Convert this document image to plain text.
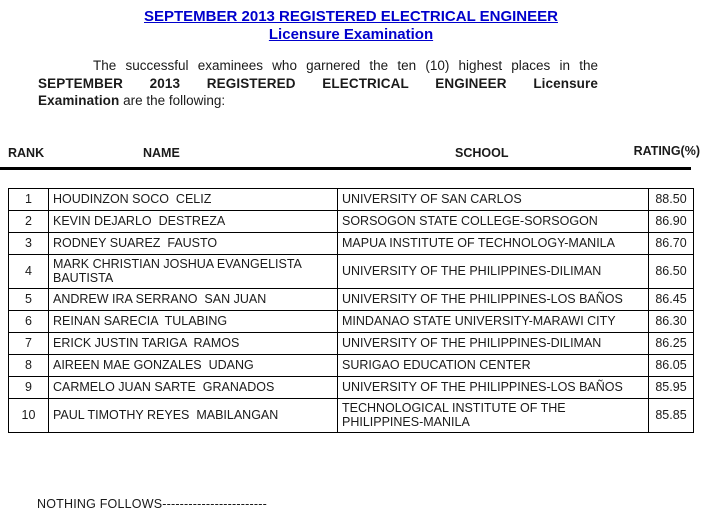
SEPTEMBER 2013 REGISTERED ELECTRICAL ENGINEER
Licensure Examination
The successful examinees who garnered the ten (10) highest places in the
SEPTEMBER 2013 REGISTERED ELECTRICAL ENGINEER Licensure
Examination are the following:
RANK	NAME	SCHOOL	RATING(%)
1	HOUDINZON SOCO  CELIZ	UNIVERSITY OF SAN CARLOS	88.50
2	KEVIN DEJARLO  DESTREZA	SORSOGON STATE COLLEGE-SORSOGON	86.90
3	RODNEY SUAREZ  FAUSTO	MAPUA INSTITUTE OF TECHNOLOGY-MANILA	86.70
4	MARK CHRISTIAN JOSHUA EVANGELISTA  BAUTISTA	UNIVERSITY OF THE PHILIPPINES-DILIMAN	86.50
5	ANDREW IRA SERRANO  SAN JUAN	UNIVERSITY OF THE PHILIPPINES-LOS BAÑOS	86.45
6	REINAN SARECIA  TULABING	MINDANAO STATE UNIVERSITY-MARAWI CITY	86.30
7	ERICK JUSTIN TARIGA  RAMOS	UNIVERSITY OF THE PHILIPPINES-DILIMAN	86.25
8	AIREEN MAE GONZALES  UDANG	SURIGAO EDUCATION CENTER	86.05
9	CARMELO JUAN SARTE  GRANADOS	UNIVERSITY OF THE PHILIPPINES-LOS BAÑOS	85.95
10	PAUL TIMOTHY REYES  MABILANGAN	TECHNOLOGICAL INSTITUTE OF THE PHILIPPINES-MANILA	85.85
NOTHING FOLLOWS------------------------
